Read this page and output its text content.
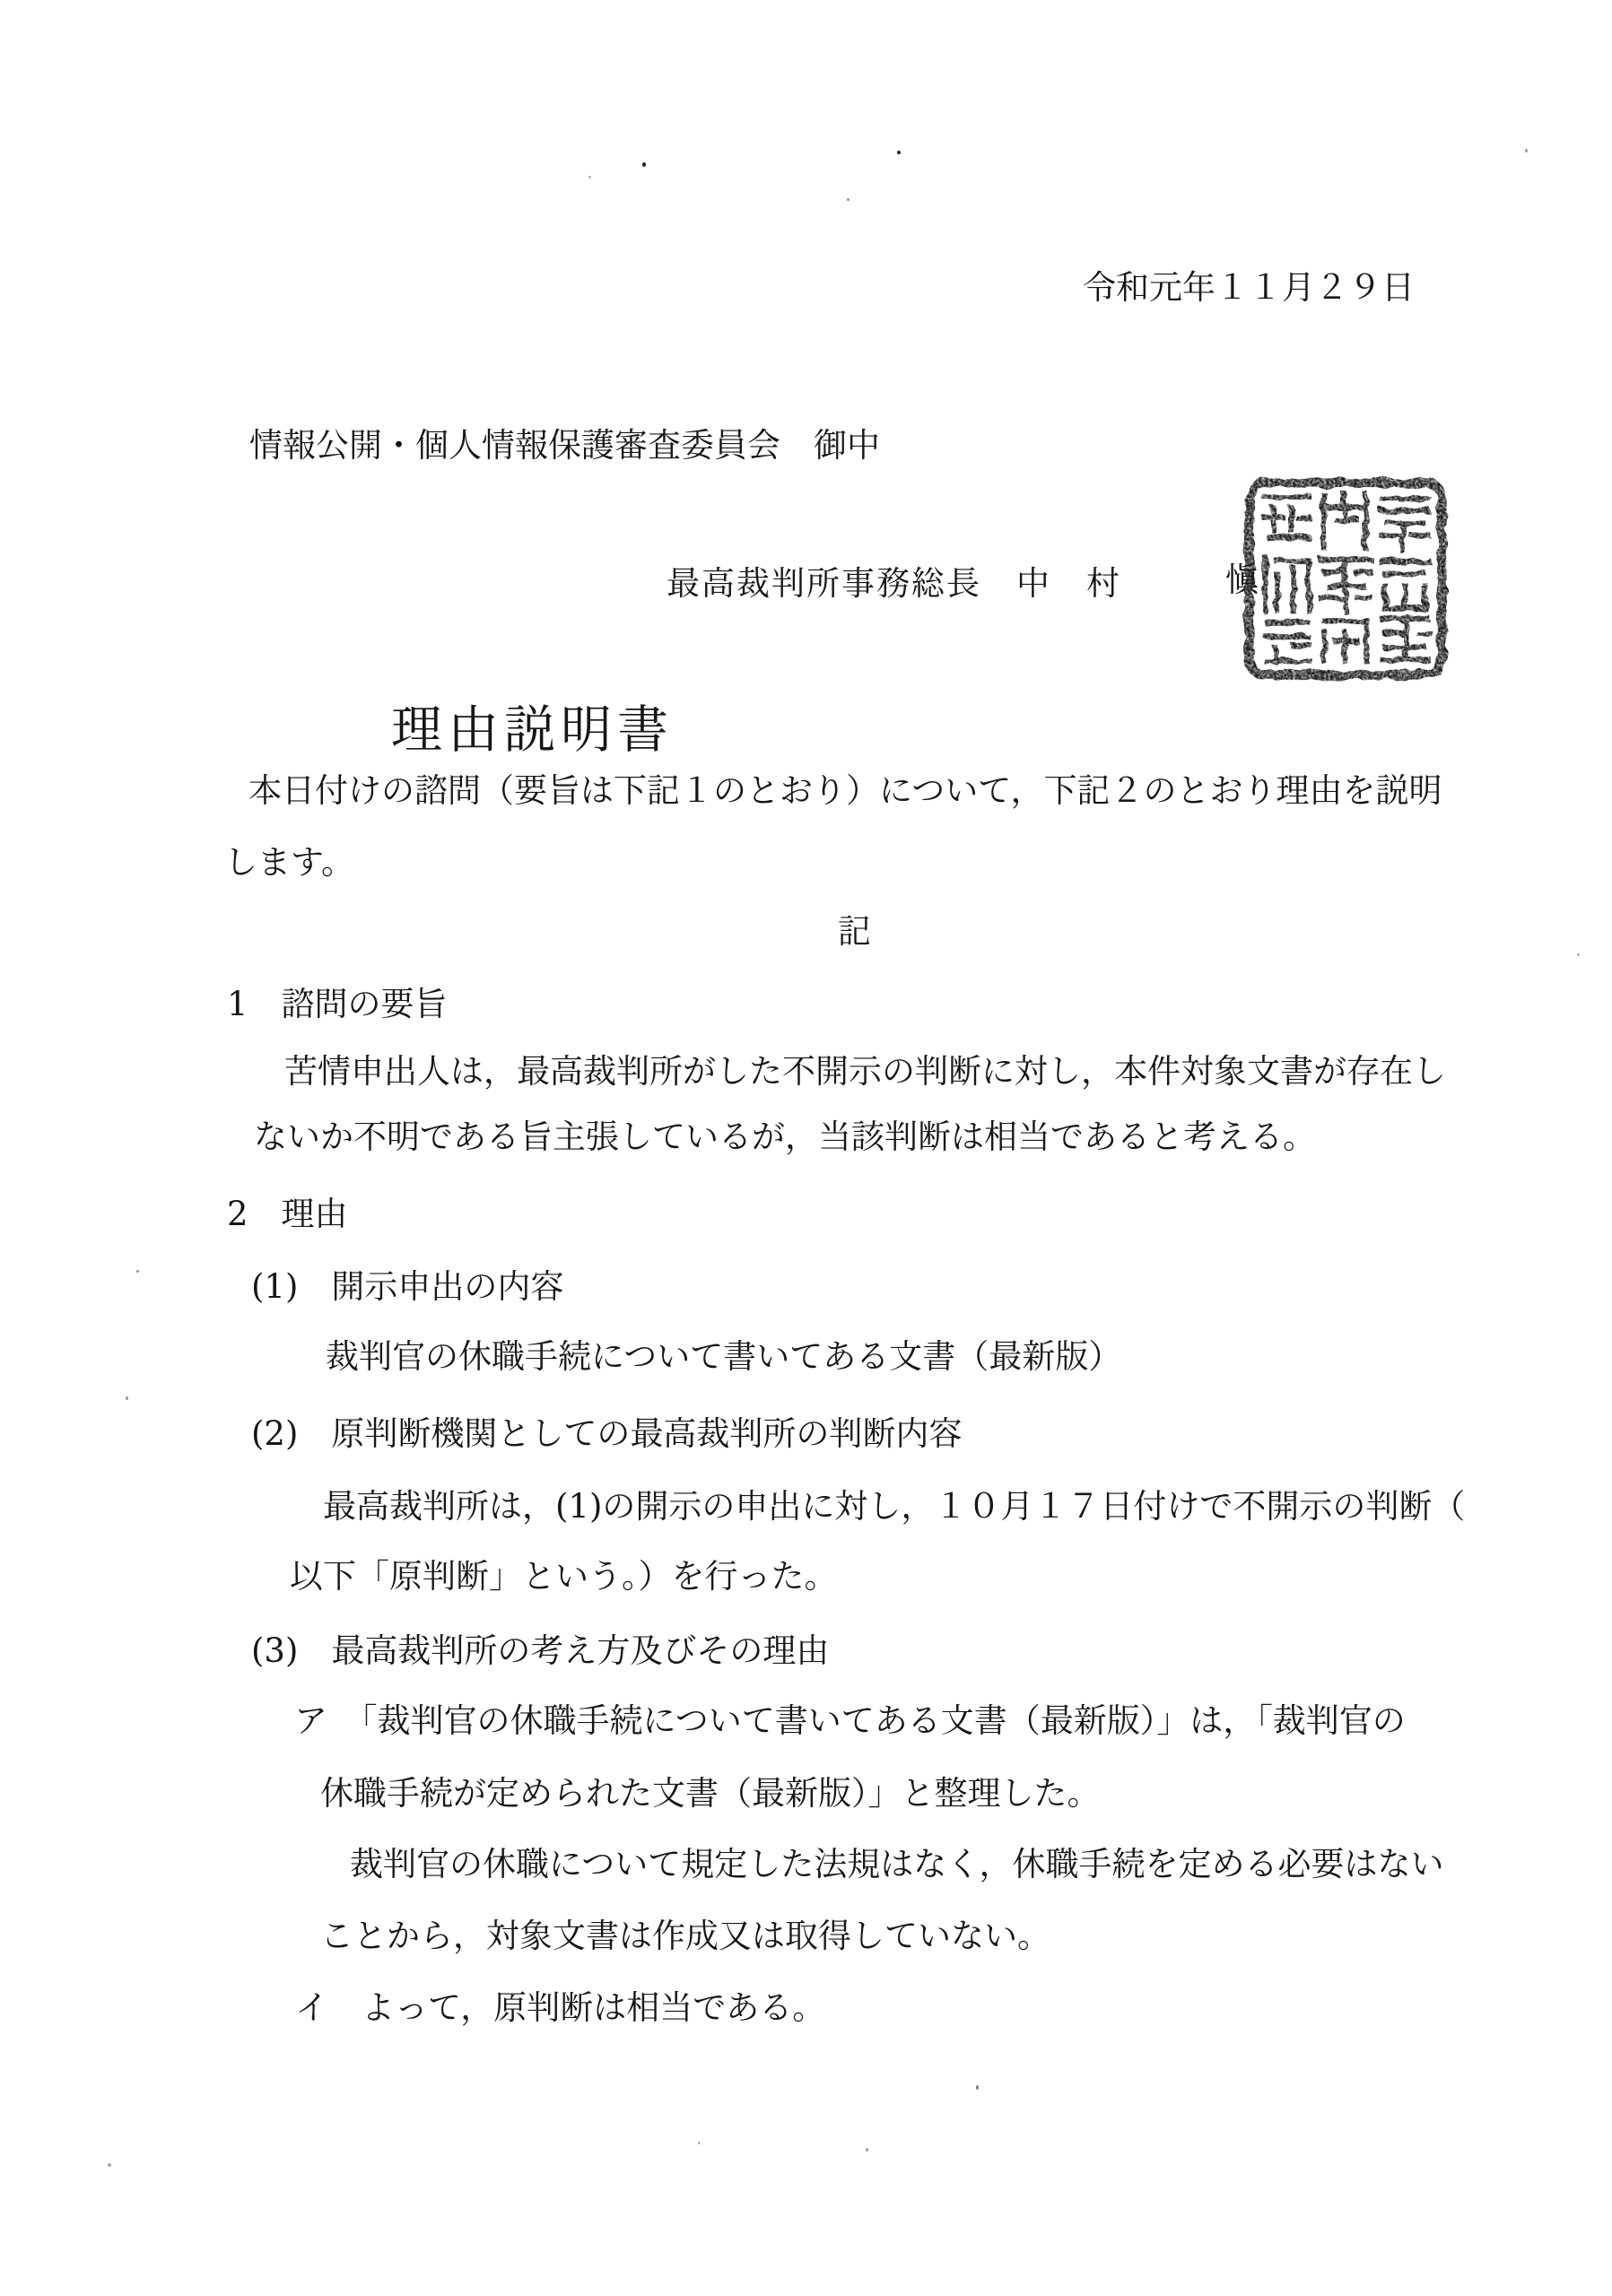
令和元年１１月２９日
情報公開・個人情報保護審査委員会　御中
最高裁判所事務総長　中　村	愼
理由説明書
本日付けの諮問（要旨は下記１のとおり）について，下記２のとおり理由を説明
します。
記
1　諮問の要旨
苦情申出人は，最高裁判所がした不開示の判断に対し，本件対象文書が存在し
ないか不明である旨主張しているが，当該判断は相当であると考える。
2　理由
(1)　開示申出の内容
裁判官の休職手続について書いてある文書（最新版）
(2)　原判断機関としての最高裁判所の判断内容
最高裁判所は，(1)の開示の申出に対し，１０月１７日付けで不開示の判断（
以下「原判断」という。）を行った。
(3)　最高裁判所の考え方及びその理由
ア　「裁判官の休職手続について書いてある文書（最新版）」は，「裁判官の
休職手続が定められた文書（最新版）」と整理した。
裁判官の休職について規定した法規はなく，休職手続を定める必要はない
ことから，対象文書は作成又は取得していない。
イ　よって，原判断は相当である。
